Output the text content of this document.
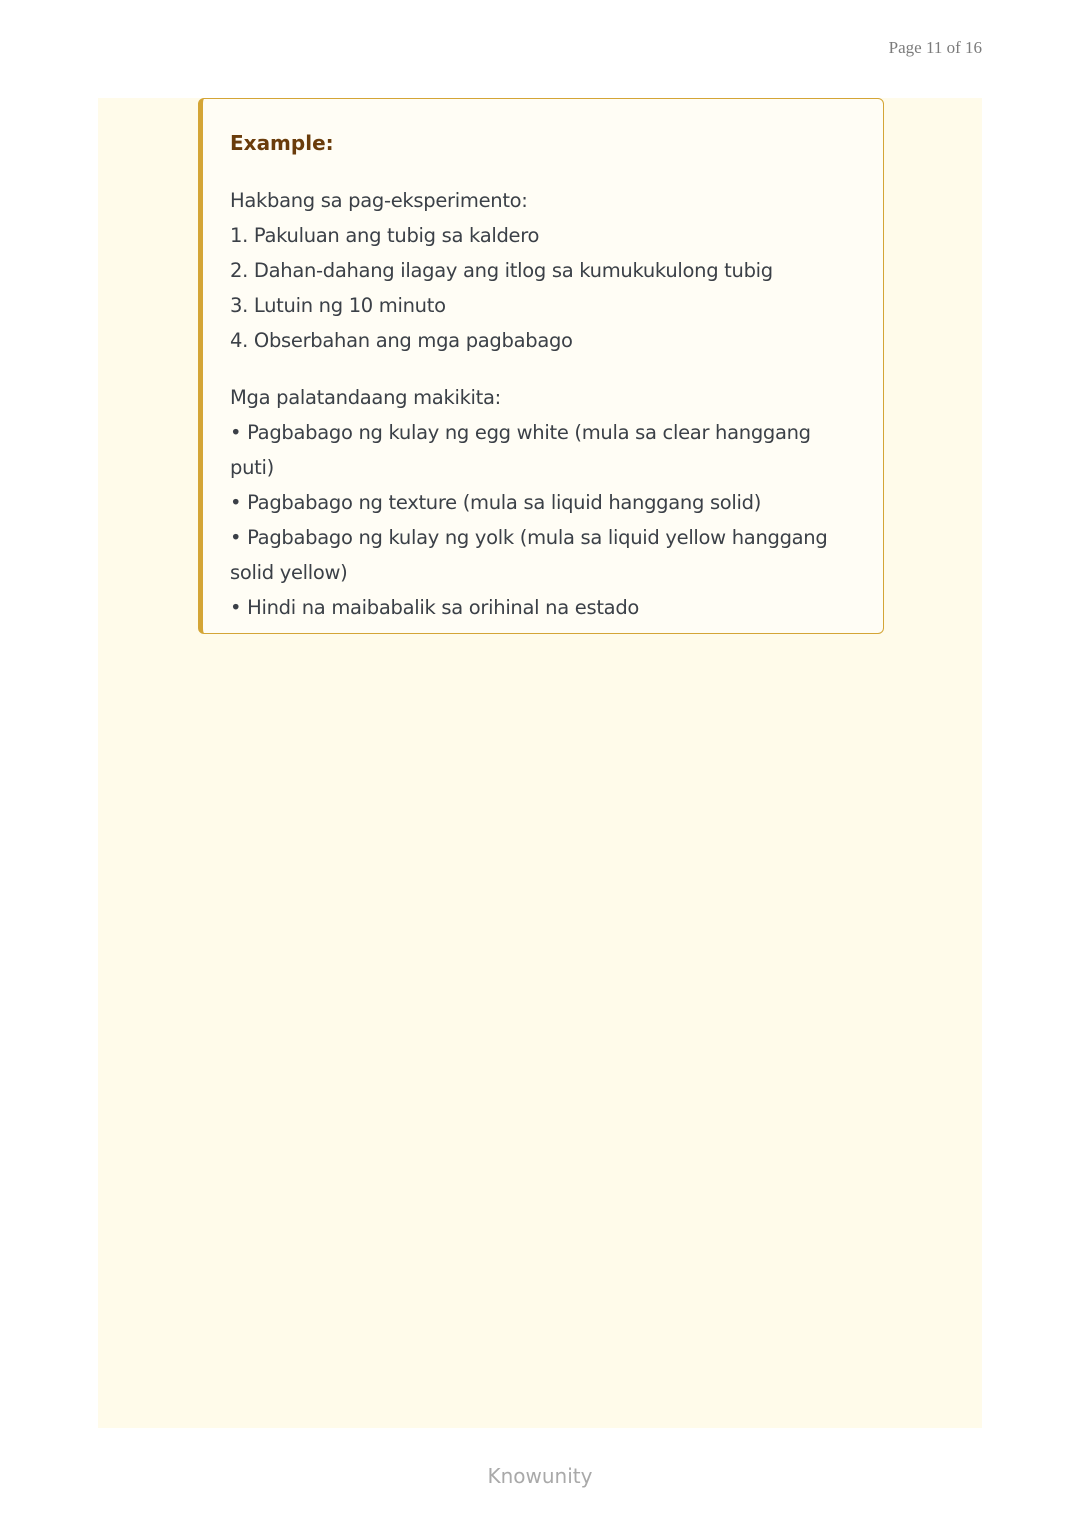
Page 11 of 16
Example:
Hakbang sa pag-eksperimento:
1. Pakuluan ang tubig sa kaldero
2. Dahan-dahang ilagay ang itlog sa kumukukulong tubig
3. Lutuin ng 10 minuto
4. Obserbahan ang mga pagbabago
Mga palatandaang makikita:
• Pagbabago ng kulay ng egg white (mula sa clear hanggang puti)
• Pagbabago ng texture (mula sa liquid hanggang solid)
• Pagbabago ng kulay ng yolk (mula sa liquid yellow hanggang
solid yellow)
• Hindi na maibabalik sa orihinal na estado
Knowunity
